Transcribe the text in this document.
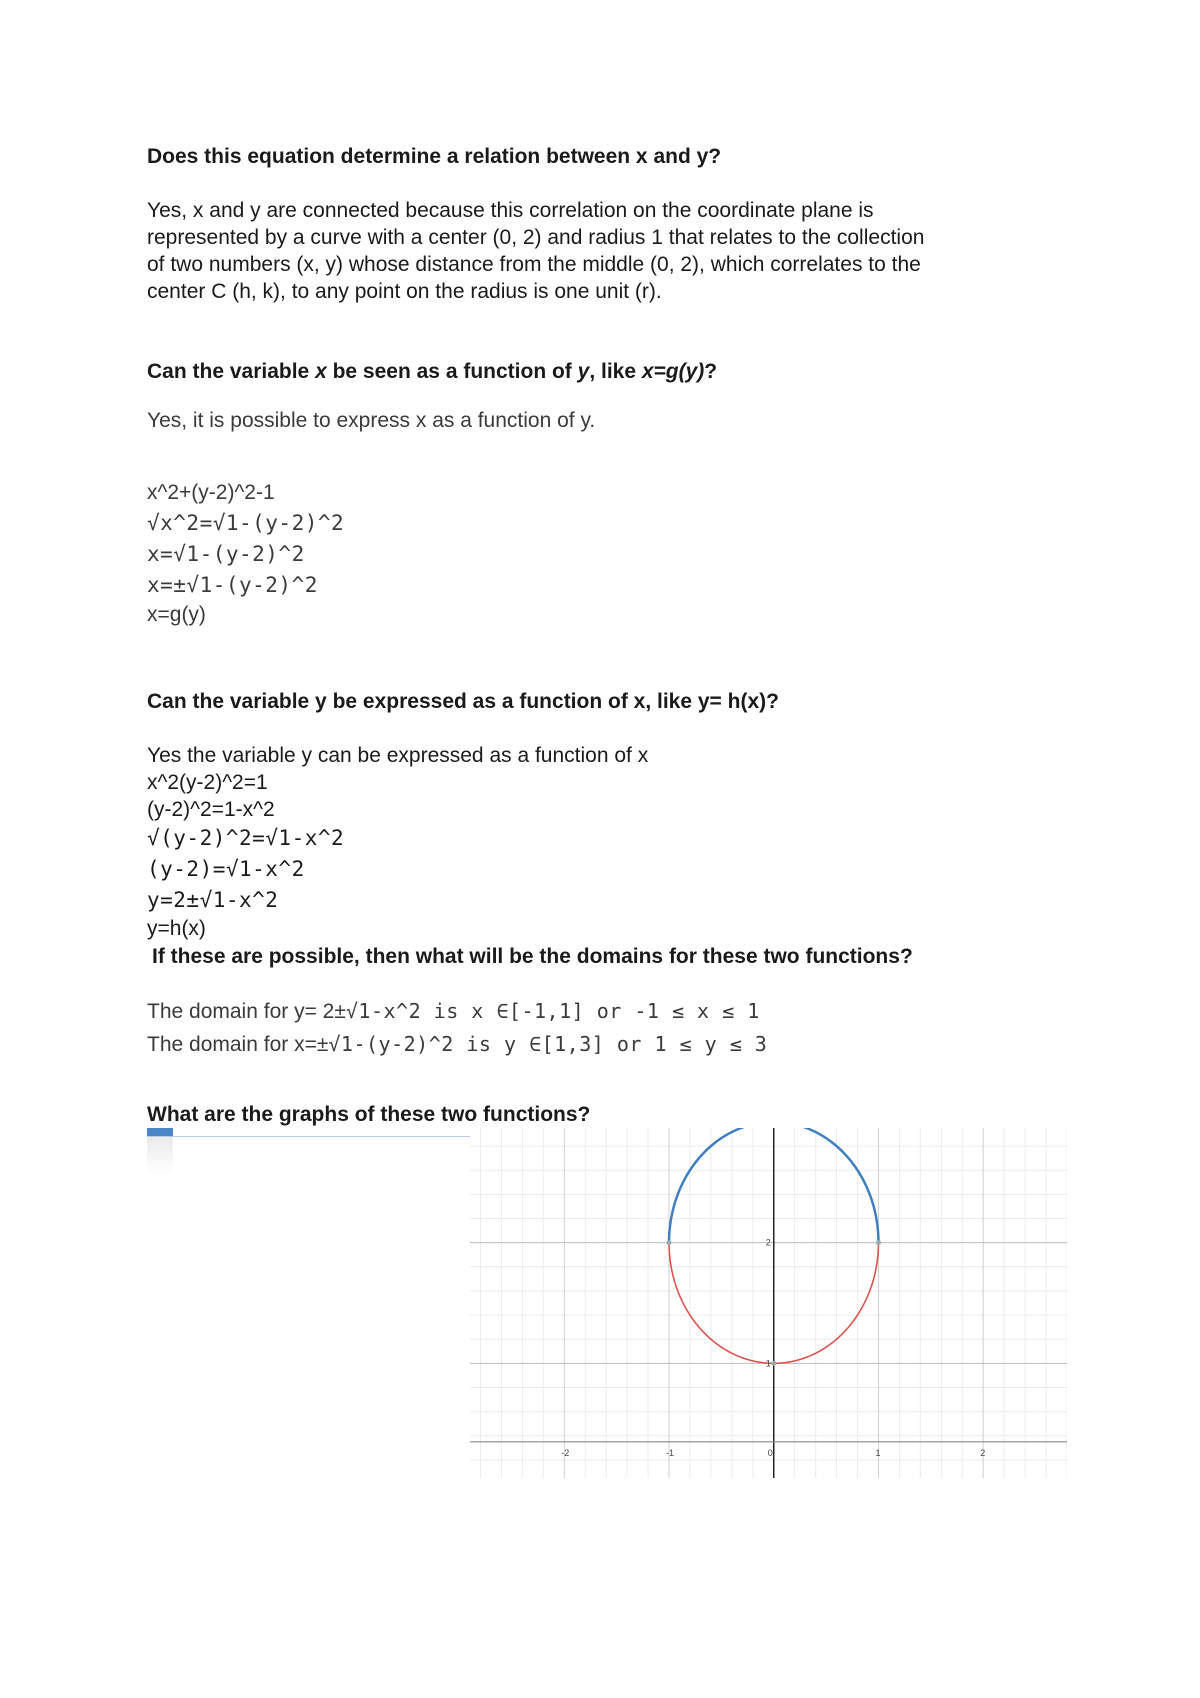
Does this equation determine a relation between x and y?

Yes, x and y are connected because this correlation on the coordinate plane is

represented by a curve with a center (0, 2) and radius 1 that relates to the collection

of two numbers (x, y) whose distance from the middle (0, 2), which correlates to the

center C (h, k), to any point on the radius is one unit (r).

Can the variable x be seen as a function of y, like x=g(y)?

Yes, it is possible to express x as a function of y.

x^2+(y-2)^2-1
√x^2=√1-(y-2)^2
x=√1-(y-2)^2
x=±√1-(y-2)^2
x=g(y)

Can the variable y be expressed as a function of x, like y= h(x)?

Yes the variable y can be expressed as a function of x

x^2(y-2)^2=1
(y-2)^2=1-x^2
√(y-2)^2=√1-x^2
(y-2)=√1-x^2
y=2±√1-x^2
y=h(x)

If these are possible, then what will be the domains for these two functions?

The domain for y= 2±√1-x^2 is x ∈[-1,1] or -1 ≤ x ≤ 1
The domain for x=±√1-(y-2)^2 is y ∈[1,3] or 1 ≤ y ≤ 3

What are the graphs of these two functions?

-2	-1	0	1	2
1
2
